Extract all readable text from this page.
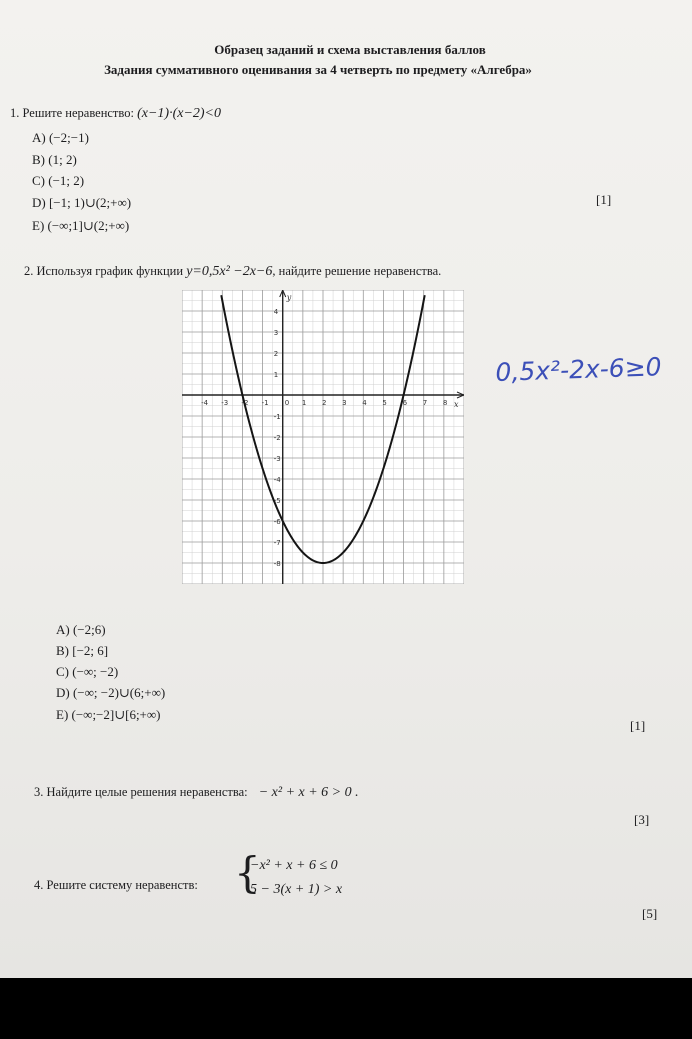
Образец заданий и схема выставления баллов
Задания суммативного оценивания за 4 четверть по предмету «Алгебра»
1. Решите неравенство: (x−1)·(x−2)<0
A) (−2;−1)
B) (1; 2)
C) (−1; 2)
D) [−1; 1)∪(2;+∞)
E) (−∞;1]∪(2;+∞)
[1]
2. Используя график функции y=0,5x² −2x−6, найдите решение неравенства.
-4 -3 -2 -1 0 1 2 3 4 5 6 7 8
4
3
2
1
-1
-2
-3
-4
-5
-6
-7
-8
x
y
0,5x²-2x-6≥0
A) (−2;6)
B) [−2; 6]
C) (−∞; −2)
D) (−∞; −2)∪(6;+∞)
E) (−∞;−2]∪[6;+∞)
[1]
3. Найдите целые решения неравенства: − x² + x + 6 > 0 .
[3]
4. Решите систему неравенств: {
−x² + x + 6 ≤ 0
5 − 3(x + 1) > x
[5]
